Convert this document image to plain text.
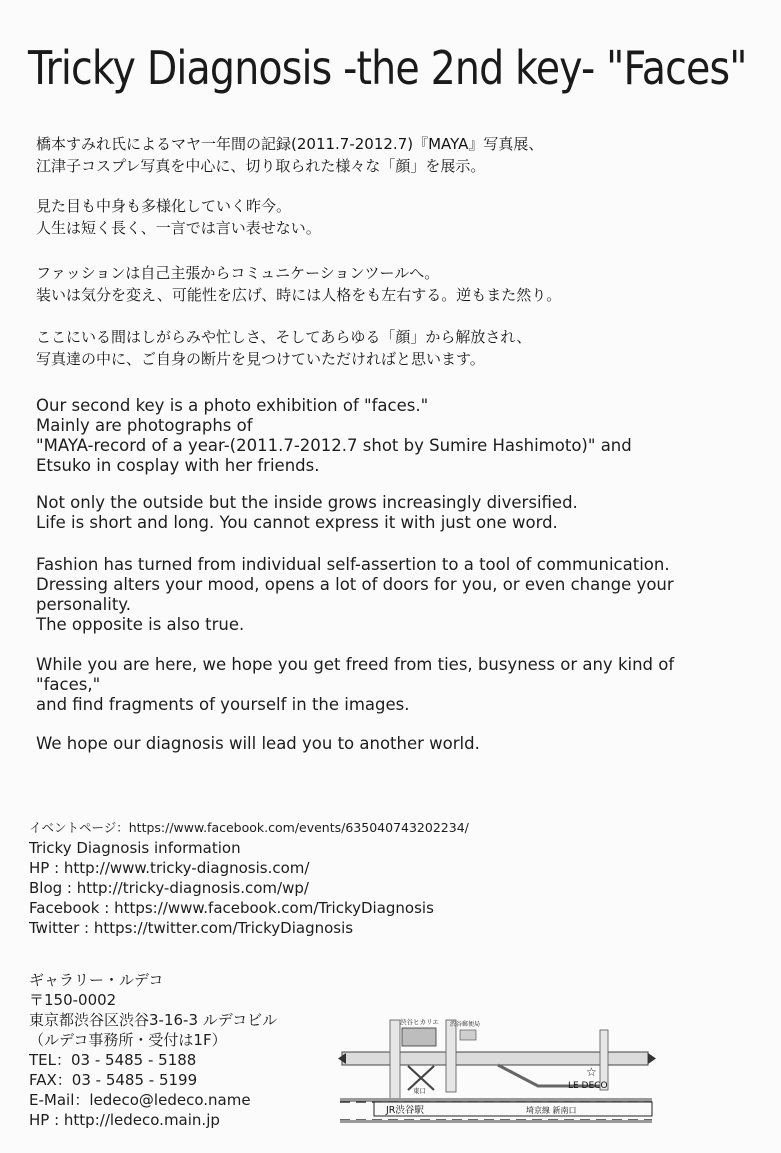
Tricky Diagnosis -the 2nd key- "Faces"
橋本すみれ氏によるマヤ一年間の記録(2011.7-2012.7)『MAYA』写真展、
江津子コスプレ写真を中心に、切り取られた様々な「顔」を展示。
見た目も中身も多様化していく昨今。
人生は短く長く、一言では言い表せない。
ファッションは自己主張からコミュニケーションツールへ。
装いは気分を変え、可能性を広げ、時には人格をも左右する。逆もまた然り。
ここにいる間はしがらみや忙しさ、そしてあらゆる「顔」から解放され、
写真達の中に、ご自身の断片を見つけていただければと思います。
Our second key is a photo exhibition of "faces."
Mainly are photographs of
"MAYA-record of a year-(2011.7-2012.7 shot by Sumire Hashimoto)" and
Etsuko in cosplay with her friends.
Not only the outside but the inside grows increasingly diversified.
Life is short and long. You cannot express it with just one word.
Fashion has turned from individual self-assertion to a tool of communication.
Dressing alters your mood, opens a lot of doors for you, or even change your
personality.
The opposite is also true.
While you are here, we hope you get freed from ties, busyness or any kind of
"faces,"
and find fragments of yourself in the images.
We hope our diagnosis will lead you to another world.
イベントページ：https://www.facebook.com/events/635040743202234/
Tricky Diagnosis information
HP : http://www.tricky-diagnosis.com/
Blog : http://tricky-diagnosis.com/wp/
Facebook : https://www.facebook.com/TrickyDiagnosis
Twitter : https://twitter.com/TrickyDiagnosis
ギャラリー・ルデコ
〒150-0002
東京都渋谷区渋谷3-16-3 ルデコビル
（ルデコ事務所・受付は1F）
TEL：03 - 5485 - 5188
FAX：03 - 5485 - 5199
E-Mail：ledeco@ledeco.name
HP : http://ledeco.main.jp
渋谷ヒカリエ 渋谷郵便局
☆
LE DECO
東口
JR渋谷駅	埼京線 新南口
